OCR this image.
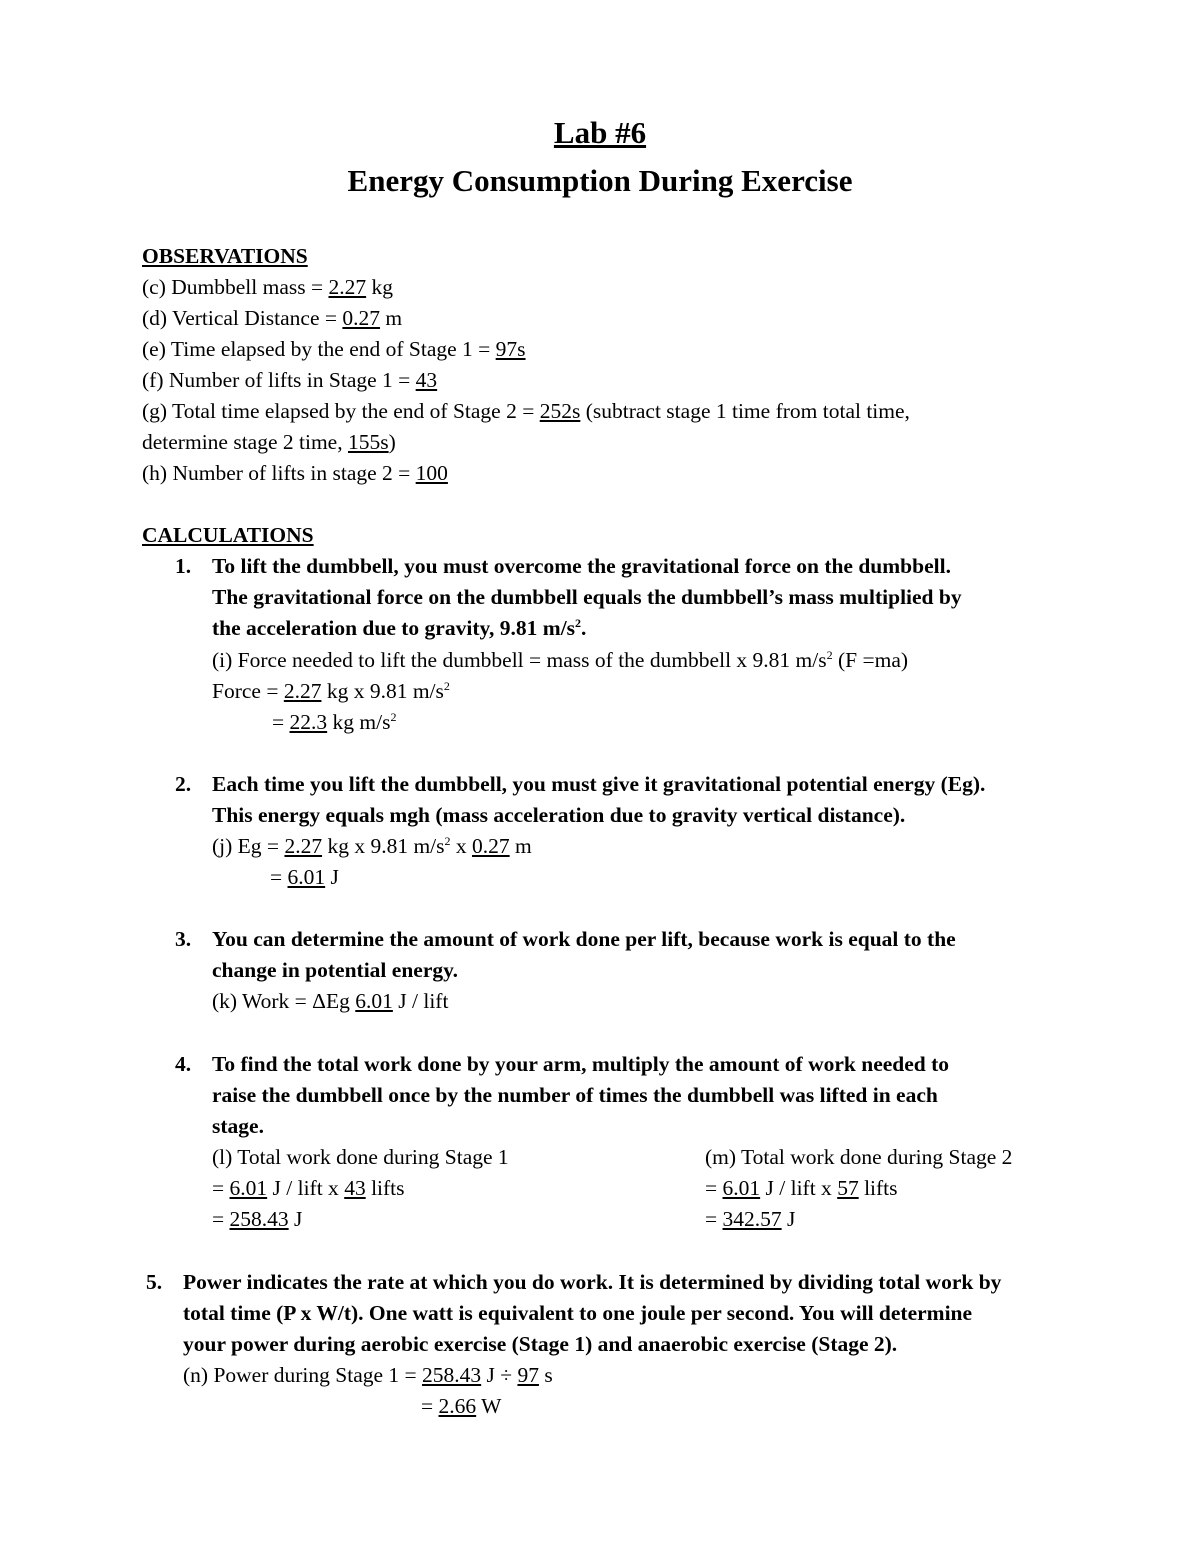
Lab #6
Energy Consumption During Exercise
OBSERVATIONS
(c) Dumbbell mass = 2.27 kg
(d) Vertical Distance = 0.27 m
(e) Time elapsed by the end of Stage 1 = 97s
(f) Number of lifts in Stage 1 = 43
(g) Total time elapsed by the end of Stage 2 = 252s (subtract stage 1 time from total time,
determine stage 2 time, 155s)
(h) Number of lifts in stage 2 = 100
CALCULATIONS
1. To lift the dumbbell, you must overcome the gravitational force on the dumbbell.
The gravitational force on the dumbbell equals the dumbbell’s mass multiplied by
the acceleration due to gravity, 9.81 $m/s^2$.
(i) Force needed to lift the dumbbell = mass of the dumbbell x 9.81 $m/s^2$ (F =ma)
Force = 2.27 kg x 9.81 $m/s^2$
= 22.3 kg $m/s^2$
2. Each time you lift the dumbbell, you must give it gravitational potential energy (Eg).
This energy equals mgh (mass acceleration due to gravity vertical distance).
(j) Eg = 2.27 kg x 9.81 $m/s^2$ x 0.27 m
= 6.01 J
3. You can determine the amount of work done per lift, because work is equal to the
change in potential energy.
(k) Work = ΔEg 6.01 J / lift
4. To find the total work done by your arm, multiply the amount of work needed to
raise the dumbbell once by the number of times the dumbbell was lifted in each
stage.
(l) Total work done during Stage 1
= 6.01 J / lift x 43 lifts
= 258.43 J
(m) Total work done during Stage 2
= 6.01 J / lift x 57 lifts
= 342.57 J
5. Power indicates the rate at which you do work. It is determined by dividing total work by
total time (P x W/t). One watt is equivalent to one joule per second. You will determine
your power during aerobic exercise (Stage 1) and anaerobic exercise (Stage 2).
(n) Power during Stage 1 = 258.43 J ÷ 97 s
= 2.66 W
